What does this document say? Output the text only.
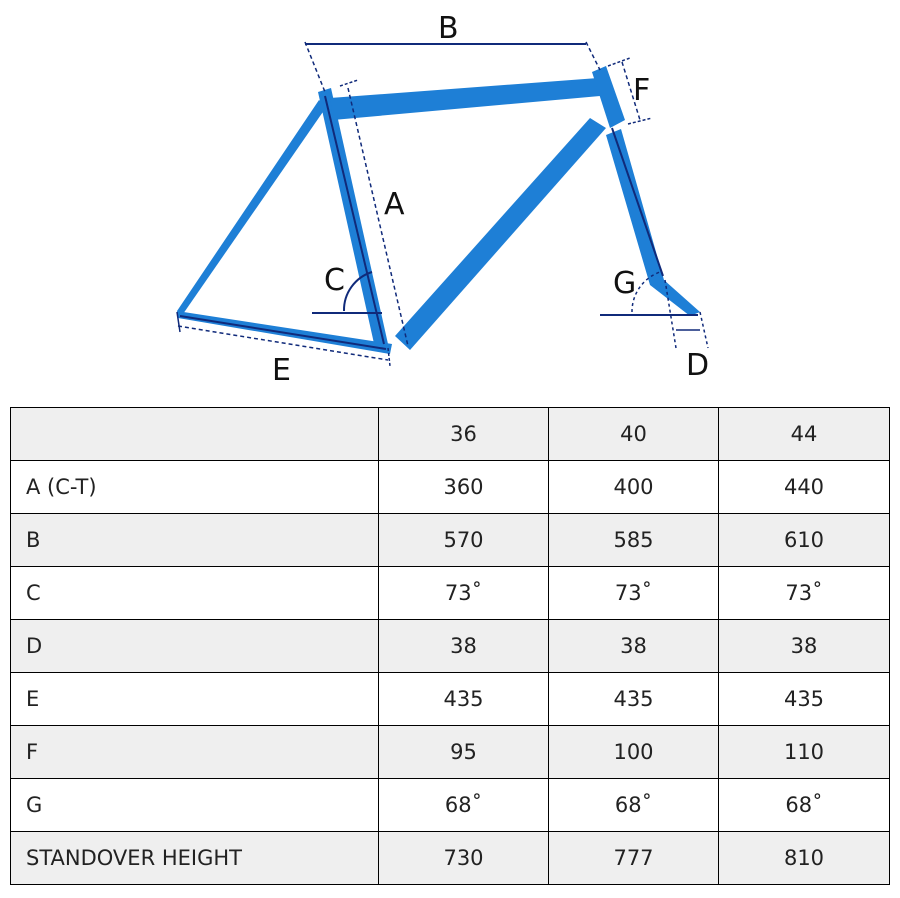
B
F
A
C	G
D
E
	36	40	44
A (C-T)	360	400	440
B	570	585	610
C	73˚	73˚	73˚
D	38	38	38
E	435	435	435
F	95	100	110
G	68˚	68˚	68˚
STANDOVER HEIGHT	730	777	810
